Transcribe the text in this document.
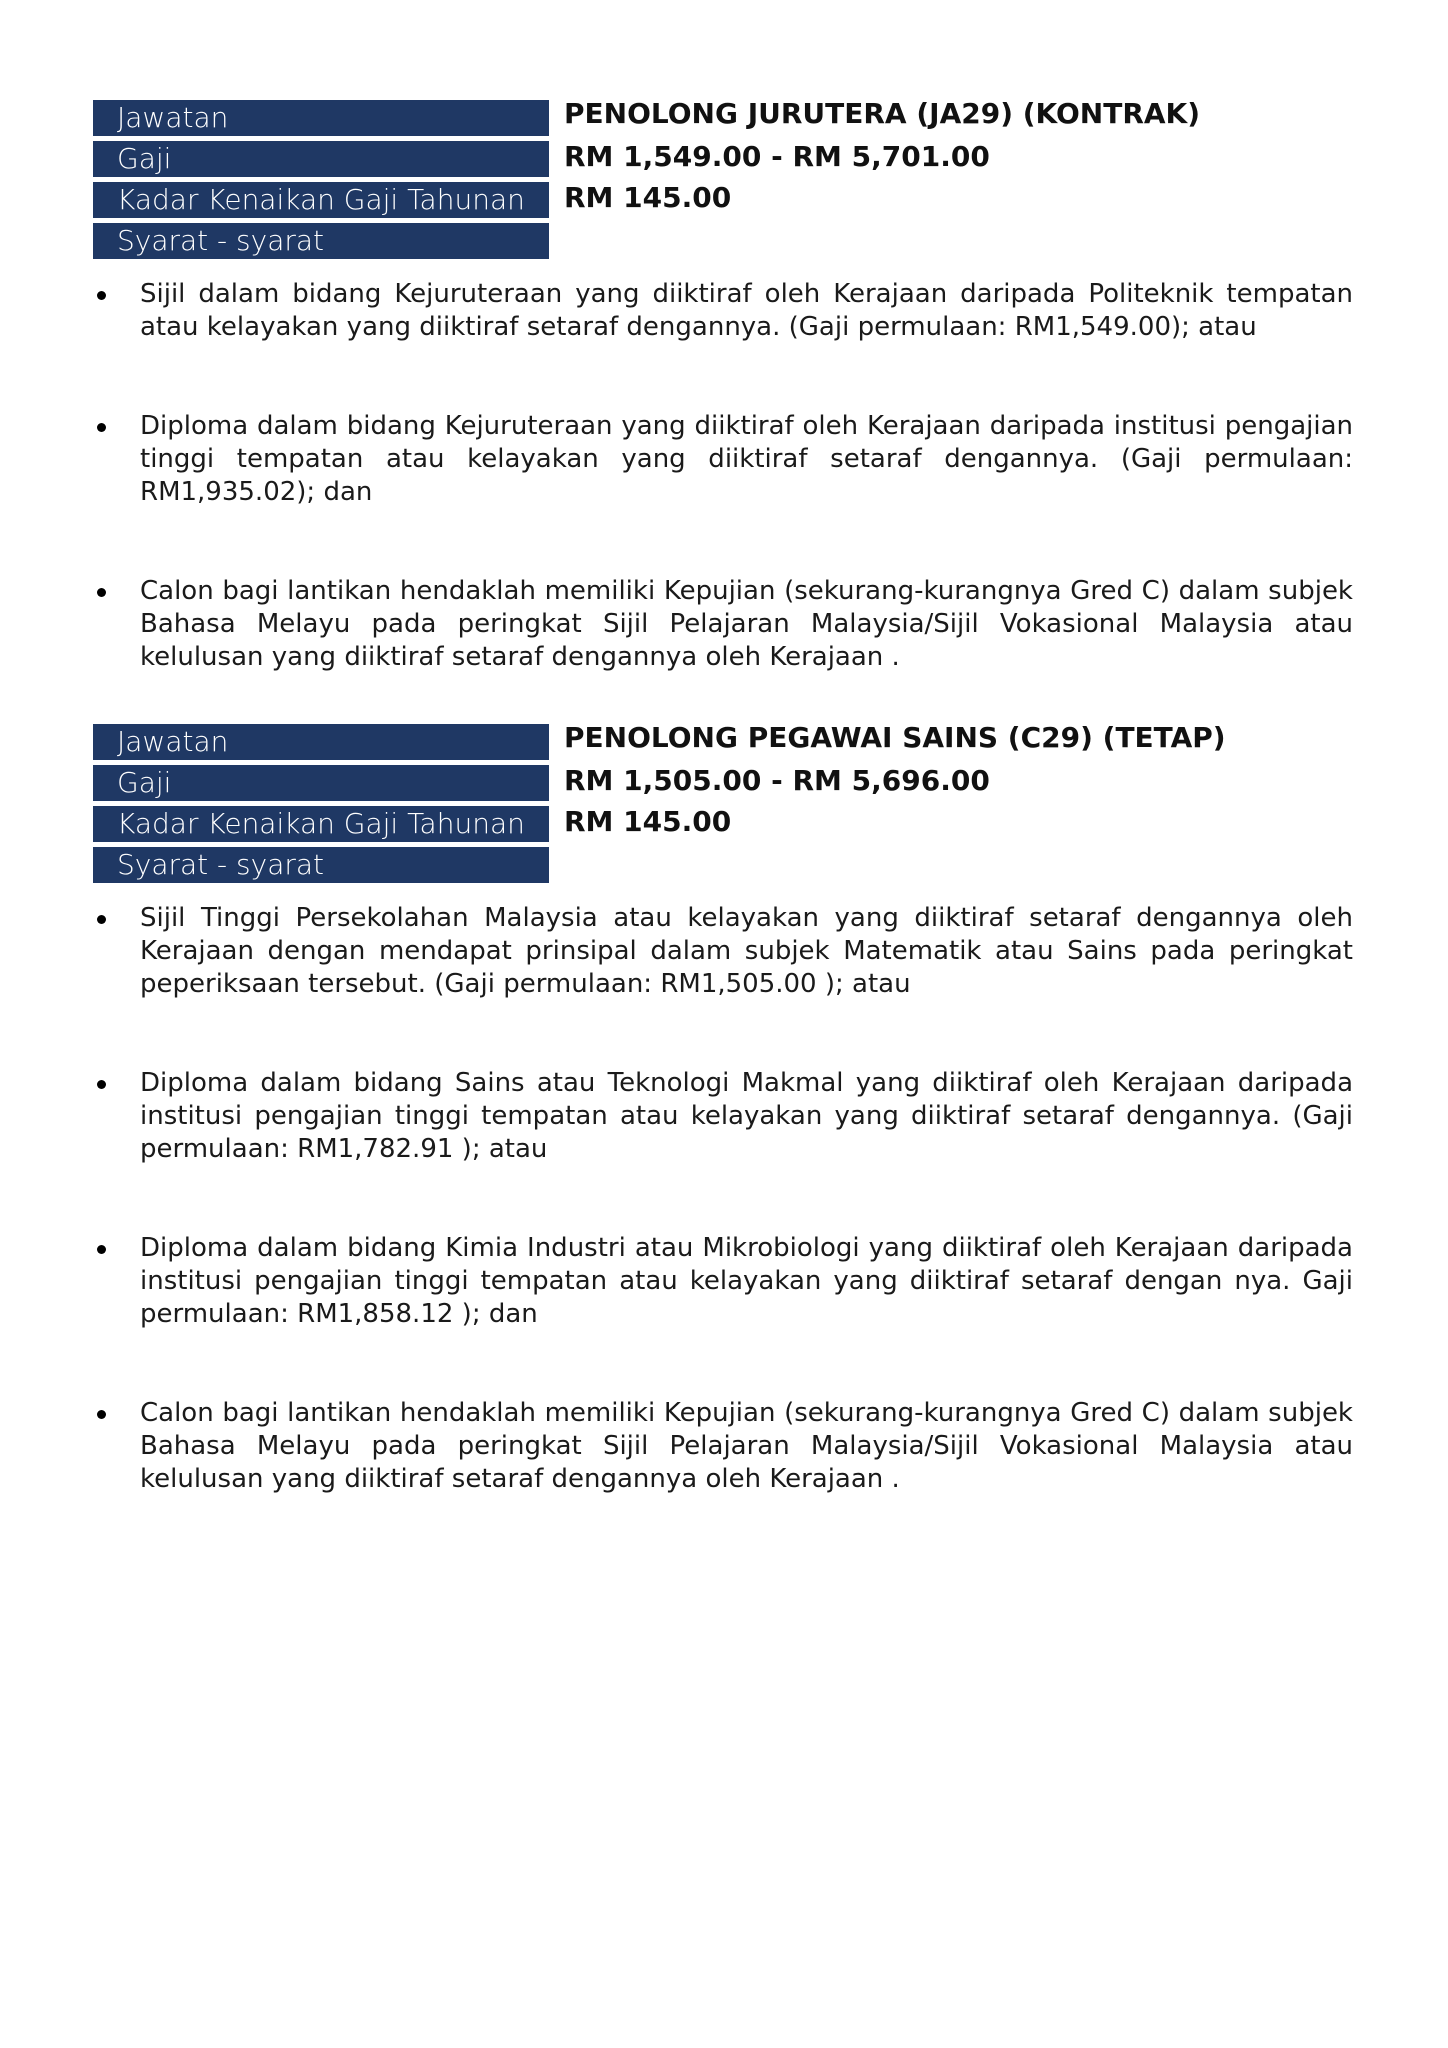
Jawatan
Gaji
Kadar Kenaikan Gaji Tahunan
Syarat - syarat
PENOLONG JURUTERA (JA29) (KONTRAK)
RM 1,549.00 - RM 5,701.00
RM 145.00
Sijil dalam bidang Kejuruteraan yang diiktiraf oleh Kerajaan daripada Politeknik tempatan atau kelayakan yang diiktiraf setaraf dengannya. (Gaji permulaan: RM1,549.00); atau
Diploma dalam bidang Kejuruteraan yang diiktiraf oleh Kerajaan daripada institusi pengajian tinggi tempatan atau kelayakan yang diiktiraf setaraf dengannya. (Gaji permulaan: RM1,935.02); dan
Calon bagi lantikan hendaklah memiliki Kepujian (sekurang-kurangnya Gred C) dalam subjek Bahasa Melayu pada peringkat Sijil Pelajaran Malaysia/Sijil Vokasional Malaysia atau kelulusan yang diiktiraf setaraf dengannya oleh Kerajaan .
Jawatan
Gaji
Kadar Kenaikan Gaji Tahunan
Syarat - syarat
PENOLONG PEGAWAI SAINS (C29) (TETAP)
RM 1,505.00 - RM 5,696.00
RM 145.00
Sijil Tinggi Persekolahan Malaysia atau kelayakan yang diiktiraf setaraf dengannya oleh Kerajaan dengan mendapat prinsipal dalam subjek Matematik atau Sains pada peringkat peperiksaan tersebut. (Gaji permulaan: RM1,505.00 ); atau
Diploma dalam bidang Sains atau Teknologi Makmal yang diiktiraf oleh Kerajaan daripada institusi pengajian tinggi tempatan atau kelayakan yang diiktiraf setaraf dengannya. (Gaji permulaan: RM1,782.91 ); atau
Diploma dalam bidang Kimia Industri atau Mikrobiologi yang diiktiraf oleh Kerajaan daripada institusi pengajian tinggi tempatan atau kelayakan yang diiktiraf setaraf dengan nya. Gaji permulaan: RM1,858.12 ); dan
Calon bagi lantikan hendaklah memiliki Kepujian (sekurang-kurangnya Gred C) dalam subjek Bahasa Melayu pada peringkat Sijil Pelajaran Malaysia/Sijil Vokasional Malaysia atau kelulusan yang diiktiraf setaraf dengannya oleh Kerajaan .
